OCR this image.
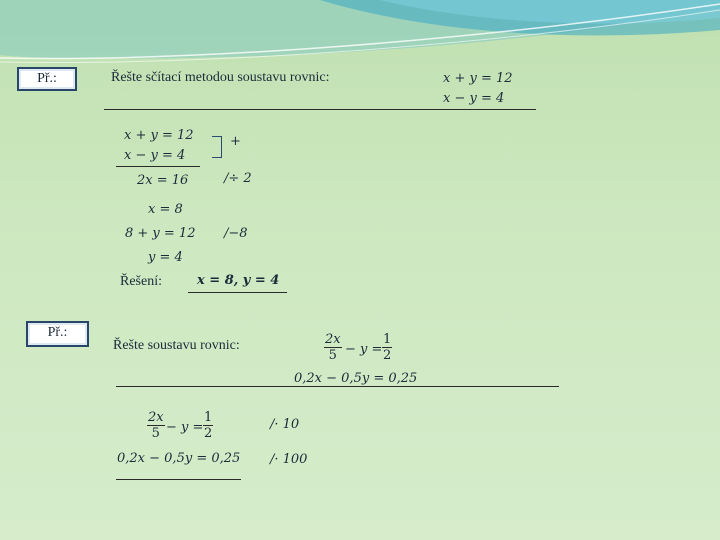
Př.:	Řešte sčítací metodou soustavu rovnic:	x + y = 12
x − y = 4
x + y = 12
x − y = 4
+
2x = 16	/÷ 2
x = 8
8 + y = 12 /−8
y = 4
Řešení:	x = 8, y = 4
Př.:
Řešte soustavu rovnic:	$\frac{2x}{5} - y = \frac{1}{2}$
0,2x − 0,5y = 0,25
$\frac{2x}{5} - y = \frac{1}{2}$	/· 10
0,2x − 0,5y = 0,25 /· 100
